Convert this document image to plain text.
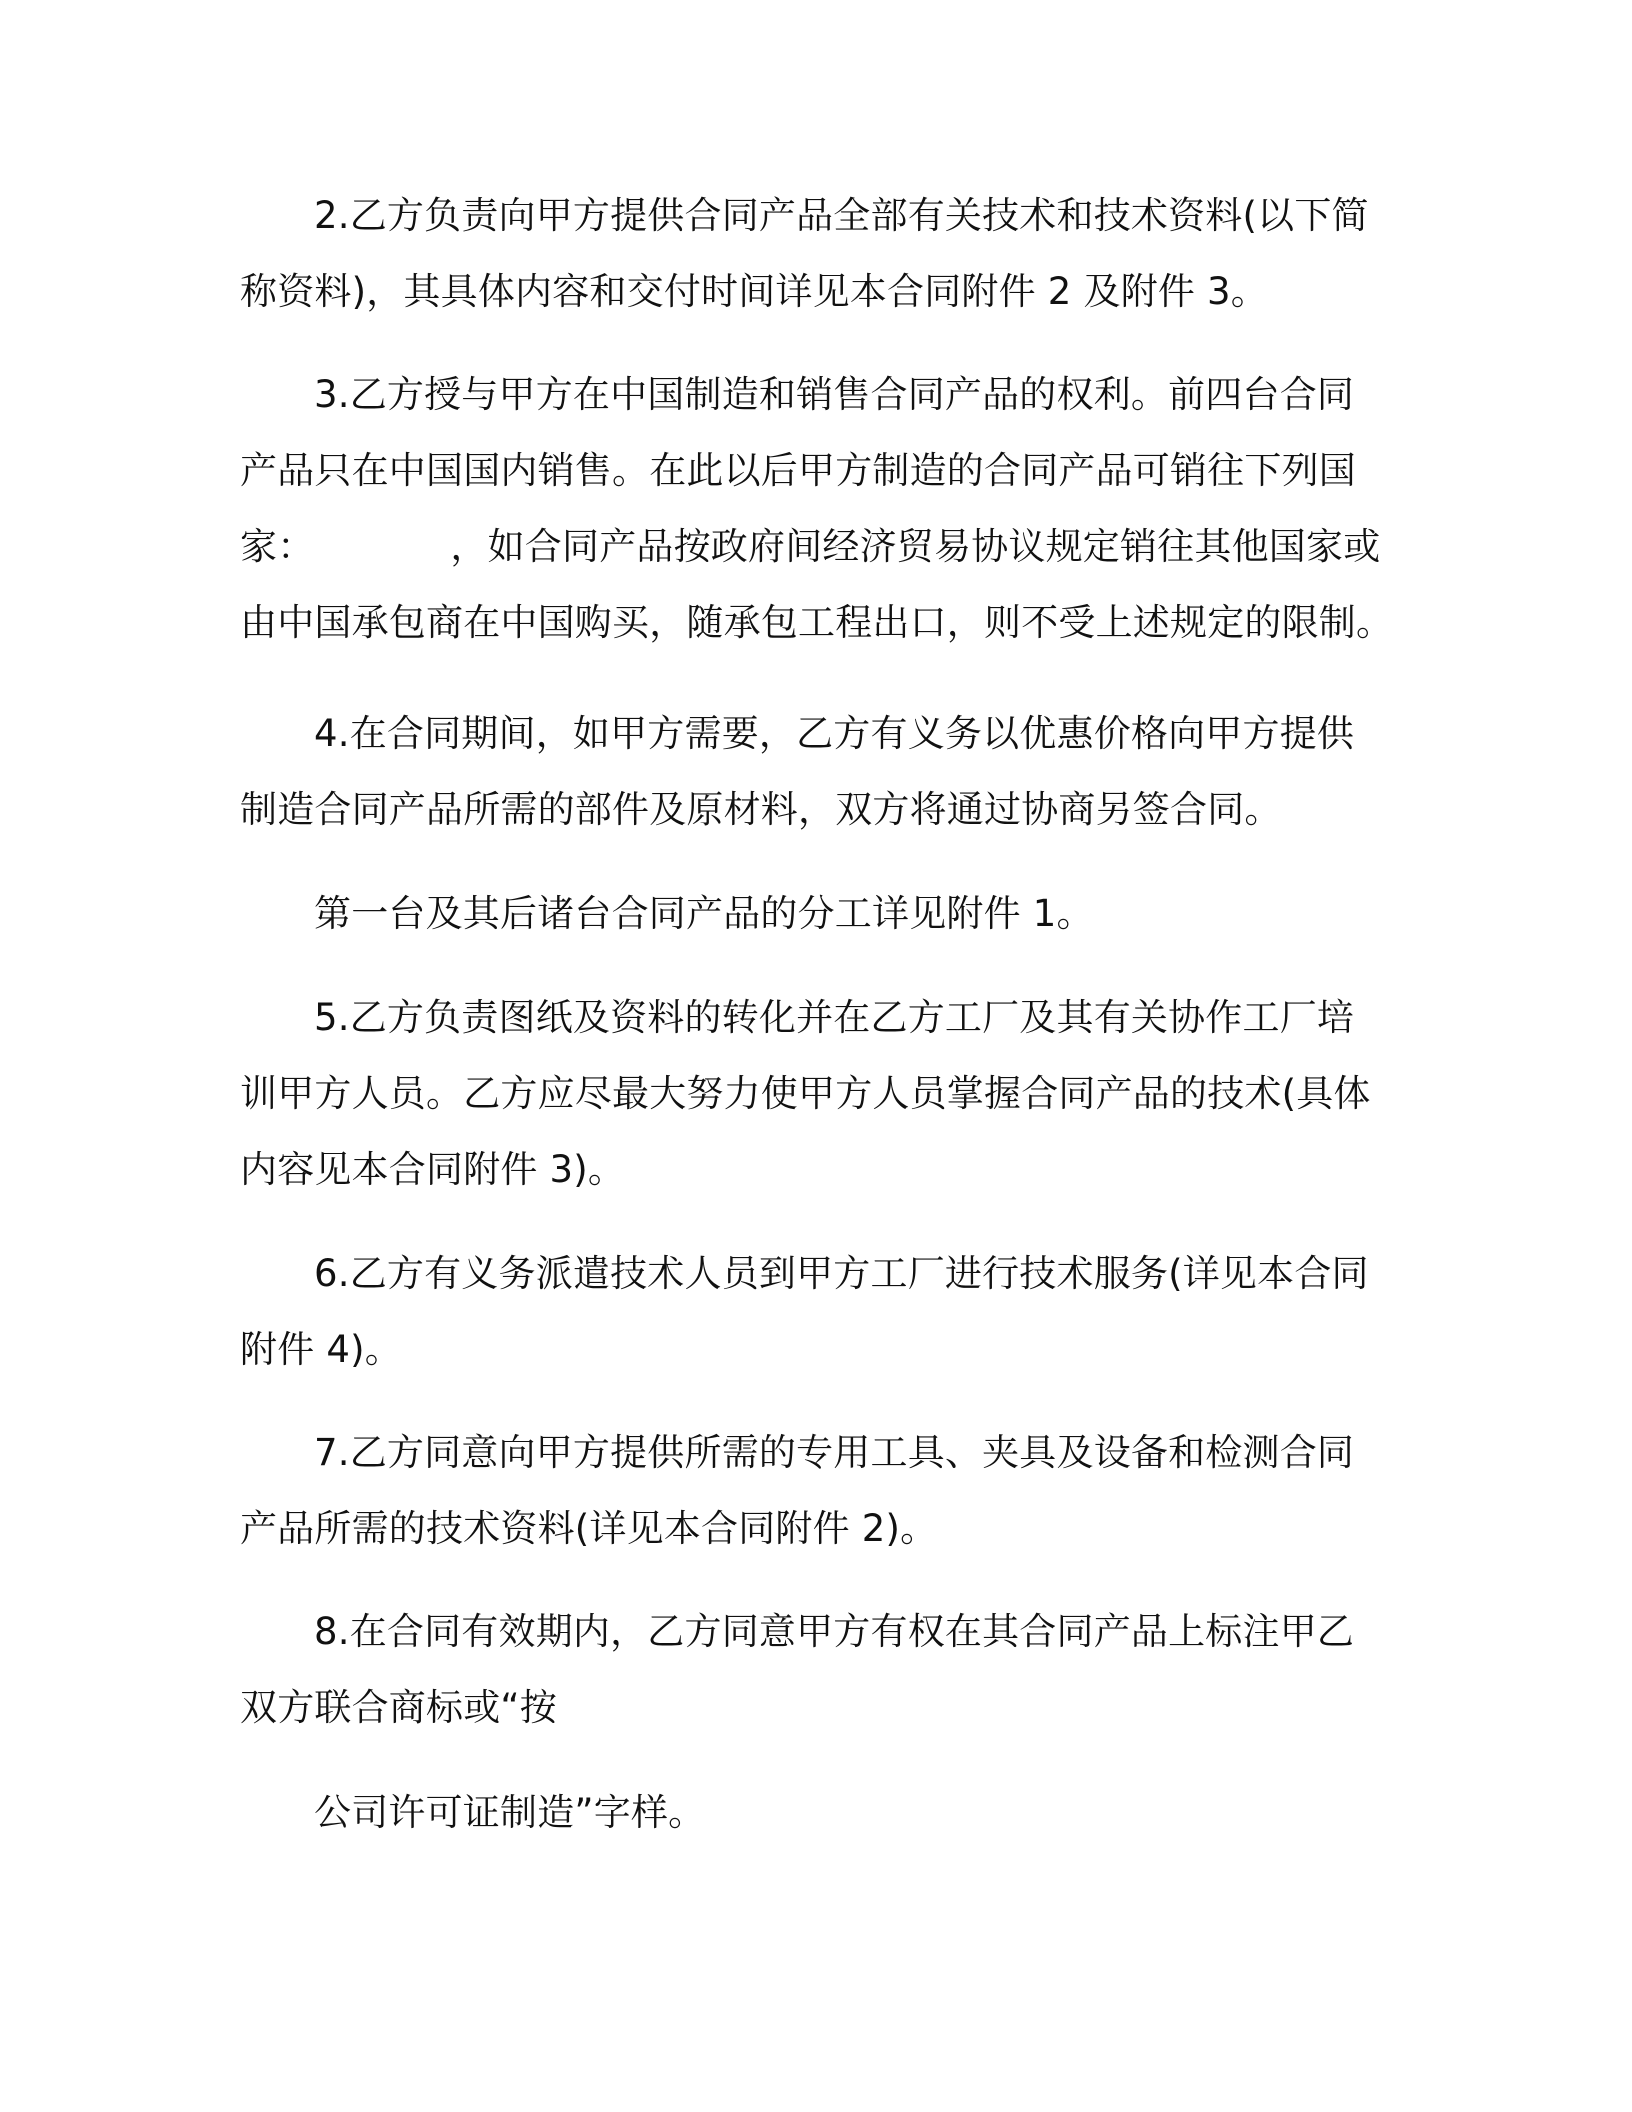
2.乙方负责向甲方提供合同产品全部有关技术和技术资料(以下简
称资料)，其具体内容和交付时间详见本合同附件 2 及附件 3。
3.乙方授与甲方在中国制造和销售合同产品的权利。前四台合同
产品只在中国国内销售。在此以后甲方制造的合同产品可销往下列国
家：	，如合同产品按政府间经济贸易协议规定销往其他国家或
由中国承包商在中国购买，随承包工程出口，则不受上述规定的限制。
4.在合同期间，如甲方需要，乙方有义务以优惠价格向甲方提供
制造合同产品所需的部件及原材料，双方将通过协商另签合同。
第一台及其后诸台合同产品的分工详见附件 1。
5.乙方负责图纸及资料的转化并在乙方工厂及其有关协作工厂培
训甲方人员。乙方应尽最大努力使甲方人员掌握合同产品的技术(具体
内容见本合同附件 3)。
6.乙方有义务派遣技术人员到甲方工厂进行技术服务(详见本合同
附件 4)。
7.乙方同意向甲方提供所需的专用工具、夹具及设备和检测合同
产品所需的技术资料(详见本合同附件 2)。
8.在合同有效期内，乙方同意甲方有权在其合同产品上标注甲乙
双方联合商标或“按
公司许可证制造”字样。
